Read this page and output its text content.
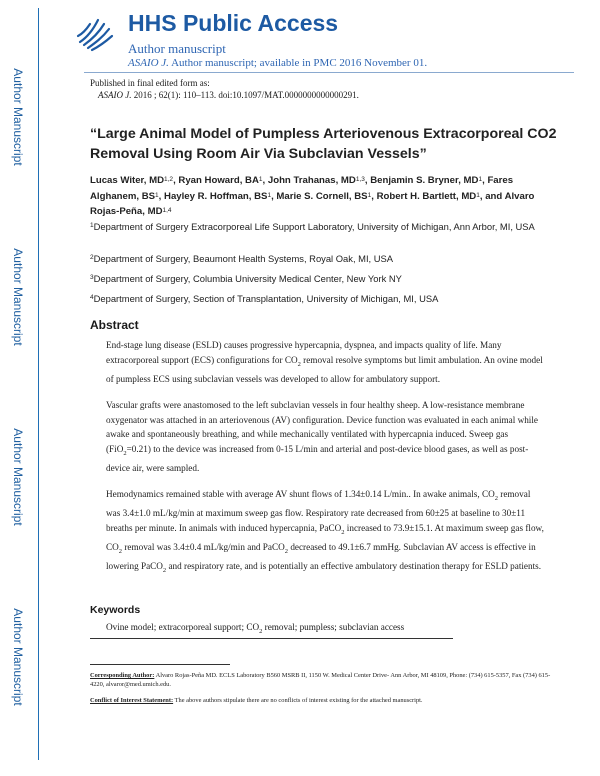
Author Manuscript
Author Manuscript
Author Manuscript
Author Manuscript
HHS Public Access
Author manuscript
ASAIO J. Author manuscript; available in PMC 2016 November 01.
Published in final edited form as:
ASAIO J. 2016 ; 62(1): 110–113. doi:10.1097/MAT.0000000000000291.
“Large Animal Model of Pumpless Arteriovenous Extracorporeal CO2 Removal Using Room Air Via Subclavian Vessels”
Lucas Witer, MD$^{1,2}$, Ryan Howard, $BA^1$, John Trahanas, MD$^{1,3}$, Benjamin S. Bryner, $MD^1$, Fares Alghanem, $BS^1$, Hayley R. Hoffman, $BS^1$, Marie S. Cornell, $BS^1$, Robert H. Bartlett, $MD^1$, and Alvaro Rojas-Peña, MD$^{1,4}$
$^1$Department of Surgery Extracorporeal Life Support Laboratory, University of Michigan, Ann Arbor, MI, USA
$^2$Department of Surgery, Beaumont Health Systems, Royal Oak, MI, USA
$^3$Department of Surgery, Columbia University Medical Center, New York NY
$^4$Department of Surgery, Section of Transplantation, University of Michigan, MI, USA
Abstract
End-stage lung disease (ESLD) causes progressive hypercapnia, dyspnea, and impacts quality of life. Many extracorporeal support (ECS) configurations for $CO_2$ removal resolve symptoms but limit ambulation. An ovine model of pumpless ECS using subclavian vessels was developed to allow for ambulatory support.
Vascular grafts were anastomosed to the left subclavian vessels in four healthy sheep. A low-resistance membrane oxygenator was attached in an arteriovenous (AV) configuration. Device function was evaluated in each animal while awake and spontaneously breathing, and while mechanically ventilated with hypercapnia induced. Sweep gas (FiO$_2$=0.21) to the device was increased from 0-15 L/min and arterial and post-device blood gases, as well as post-device air, were sampled.
Hemodynamics remained stable with average AV shunt flows of 1.34±0.14 L/min.. In awake animals, $CO_2$ removal was 3.4±1.0 mL/kg/min at maximum sweep gas flow. Respiratory rate decreased from 60±25 at baseline to 30±11 breaths per minute. In animals with induced hypercapnia, PaCO$_2$ increased to 73.9±15.1. At maximum sweep gas flow, $CO_2$ removal was 3.4±0.4 mL/kg/min and PaCO$_2$ decreased to 49.1±6.7 mmHg. Subclavian AV access is effective in lowering PaCO$_2$ and respiratory rate, and is potentially an effective ambulatory destination therapy for ESLD patients.
Keywords
Ovine model; extracorporeal support; $CO_2$ removal; pumpless; subclavian access
Corresponding Author: Alvaro Rojas-Peña MD. ECLS Laboratory B560 MSRB II, 1150 W. Medical Center Drive- Ann Arbor, MI 48109, Phone: (734) 615-5357, Fax (734) 615-4220, alvaror@med.umich.edu.
Conflict of Interest Statement: The above authors stipulate there are no conflicts of interest existing for the attached manuscript.
